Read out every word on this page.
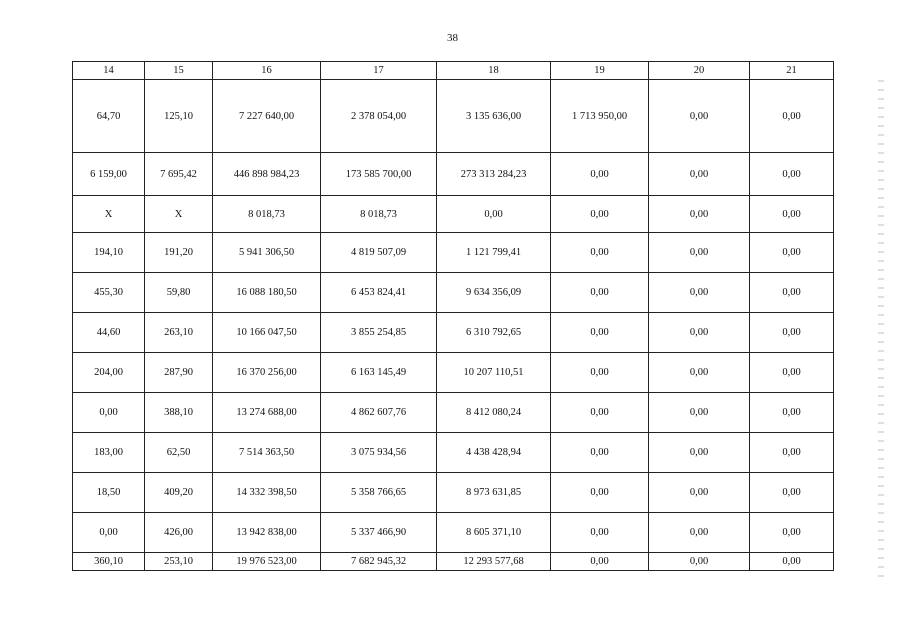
38
14	15	16	17	18	19	20	21
64,70	125,10	7 227 640,00	2 378 054,00	3 135 636,00	1 713 950,00	0,00	0,00
6 159,00	7 695,42	446 898 984,23	173 585 700,00	273 313 284,23	0,00	0,00	0,00
X	X	8 018,73	8 018,73	0,00	0,00	0,00	0,00
194,10	191,20	5 941 306,50	4 819 507,09	1 121 799,41	0,00	0,00	0,00
455,30	59,80	16 088 180,50	6 453 824,41	9 634 356,09	0,00	0,00	0,00
44,60	263,10	10 166 047,50	3 855 254,85	6 310 792,65	0,00	0,00	0,00
204,00	287,90	16 370 256,00	6 163 145,49	10 207 110,51	0,00	0,00	0,00
0,00	388,10	13 274 688,00	4 862 607,76	8 412 080,24	0,00	0,00	0,00
183,00	62,50	7 514 363,50	3 075 934,56	4 438 428,94	0,00	0,00	0,00
18,50	409,20	14 332 398,50	5 358 766,65	8 973 631,85	0,00	0,00	0,00
0,00	426,00	13 942 838,00	5 337 466,90	8 605 371,10	0,00	0,00	0,00
360,10	253,10	19 976 523,00	7 682 945,32	12 293 577,68	0,00	0,00	0,00
